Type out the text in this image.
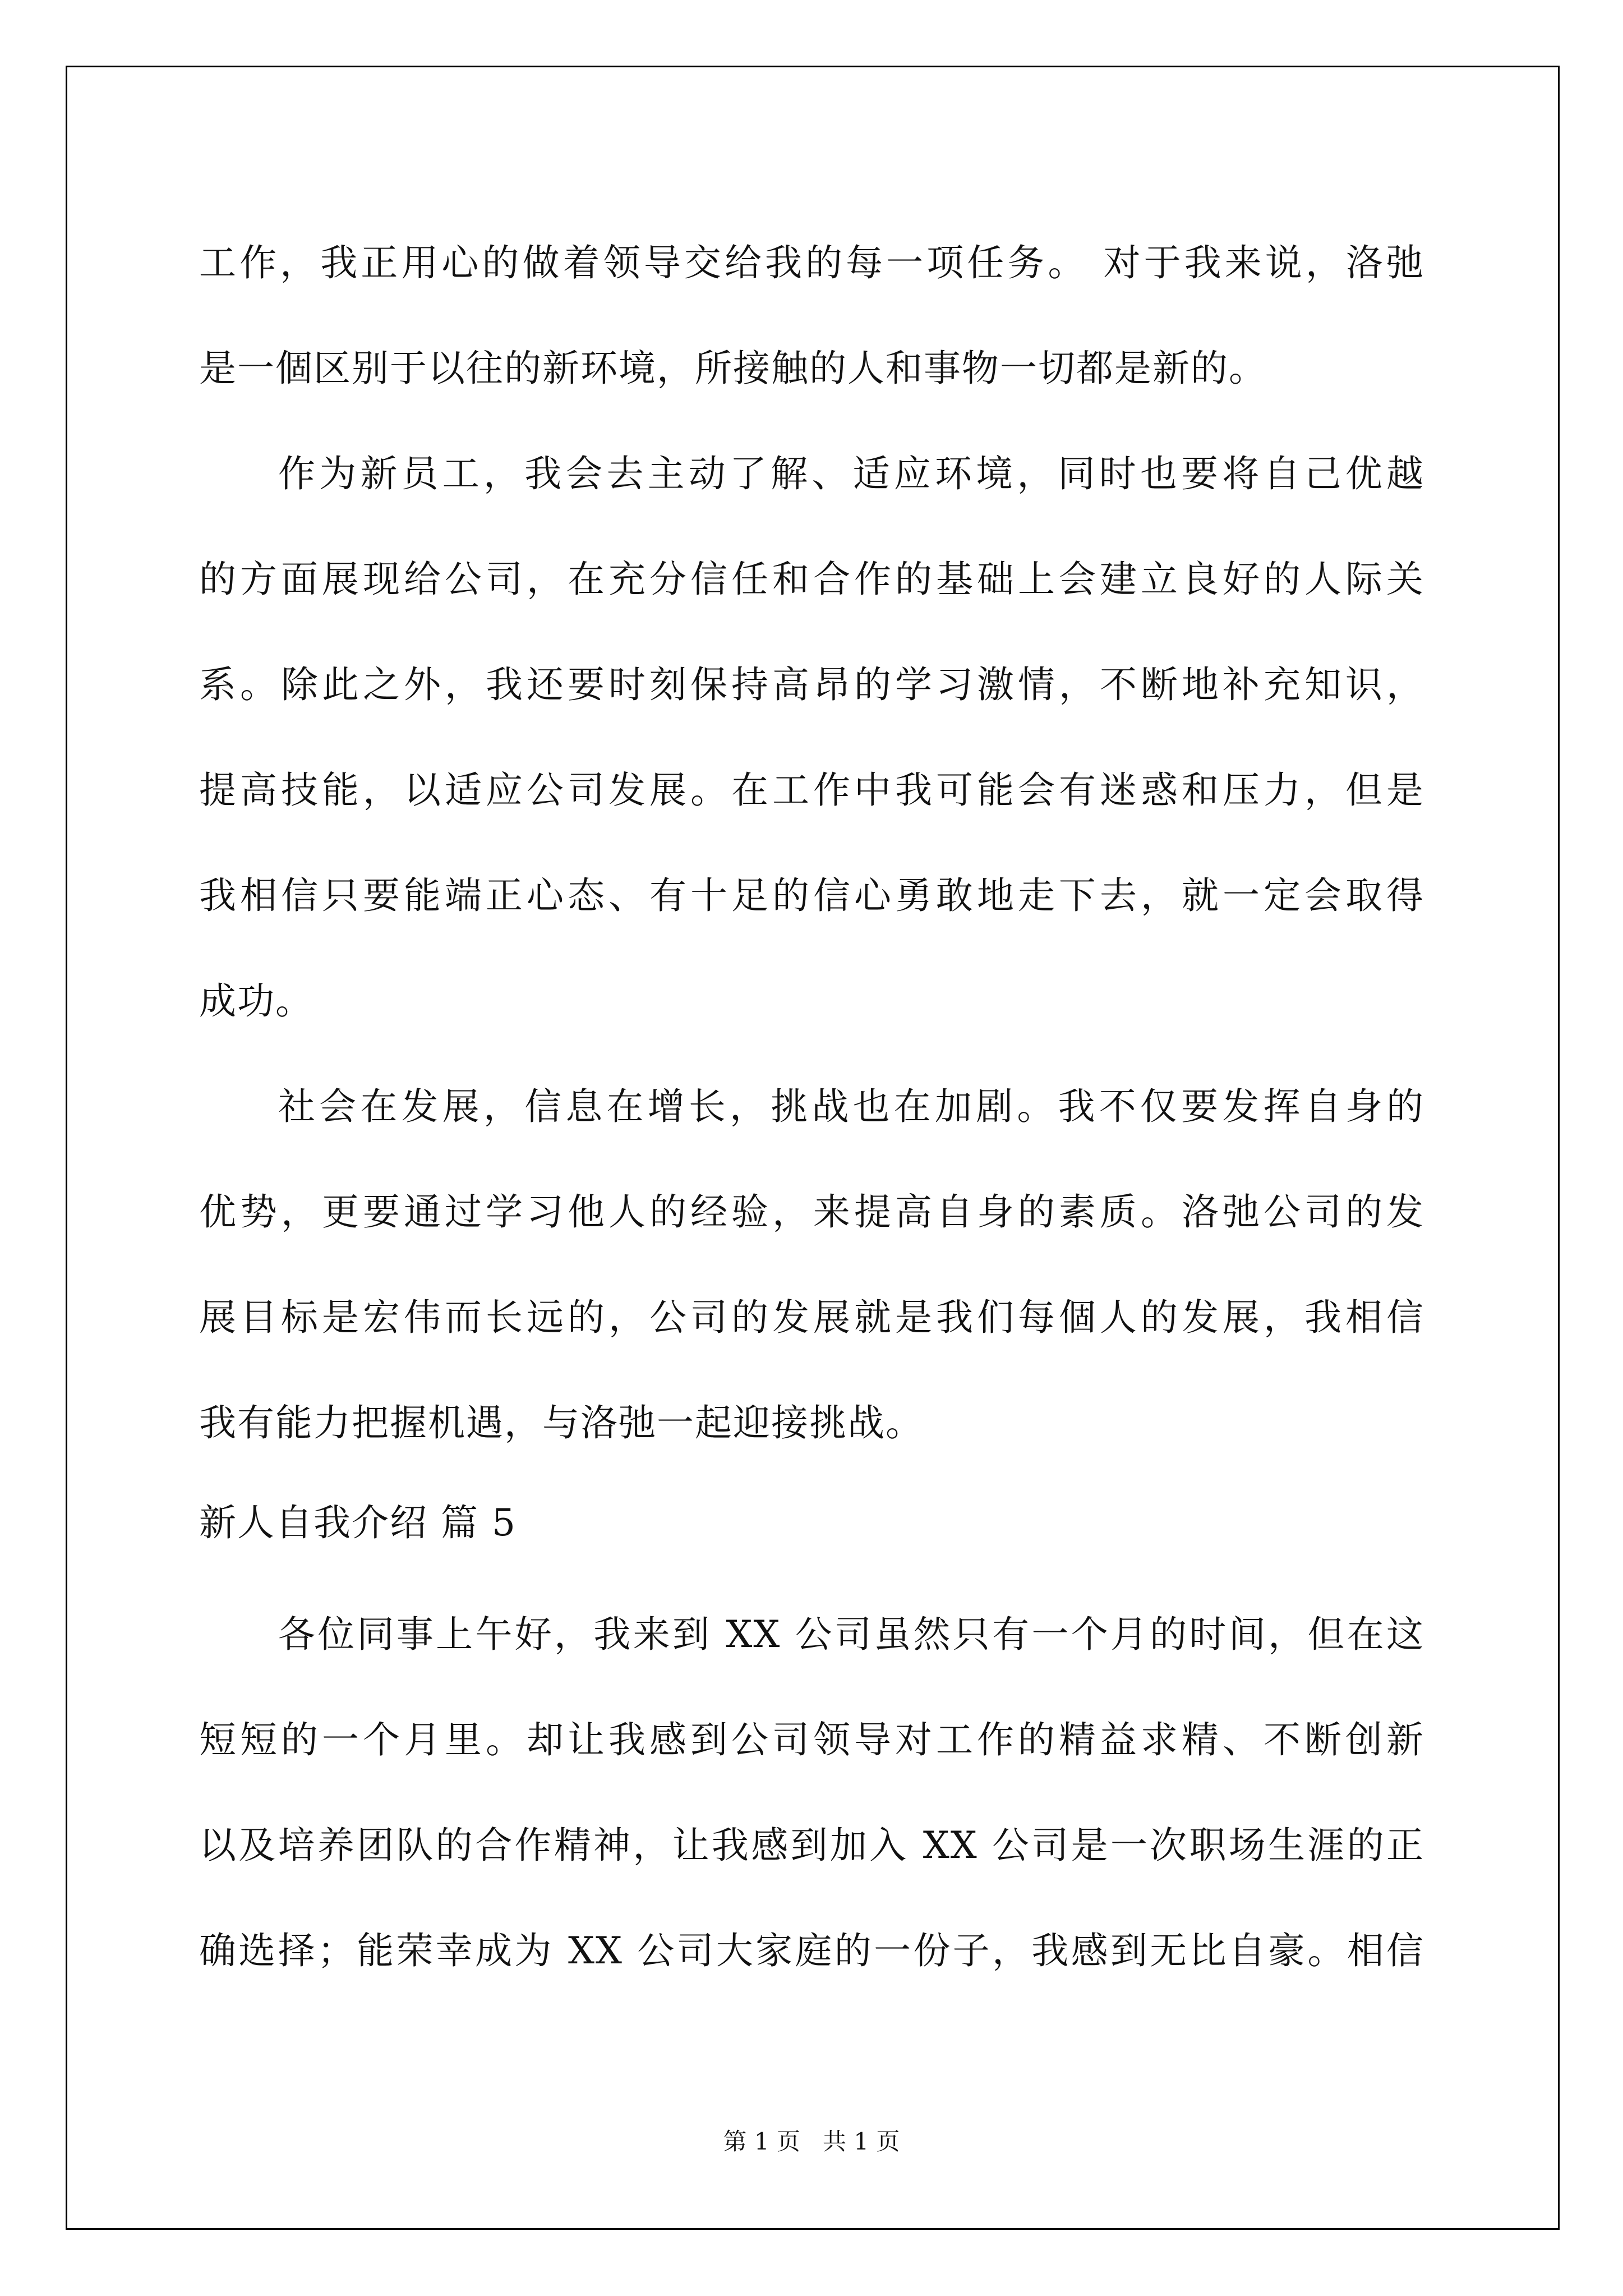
工作，我正用心的做着领导交给我的每一项任务。 对于我来说，洛弛

是一個区别于以往的新环境，所接触的人和事物一切都是新的。

作为新员工，我会去主动了解、适应环境，同时也要将自己优越

的方面展现给公司，在充分信任和合作的基础上会建立良好的人际关

系。除此之外，我还要时刻保持高昂的学习激情，不断地补充知识，

提高技能，以适应公司发展。在工作中我可能会有迷惑和压力，但是

我相信只要能端正心态、有十足的信心勇敢地走下去，就一定会取得

成功。

社会在发展，信息在增长，挑战也在加剧。我不仅要发挥自身的

优势，更要通过学习他人的经验，来提高自身的素质。洛弛公司的发

展目标是宏伟而长远的，公司的发展就是我们每個人的发展，我相信

我有能力把握机遇，与洛弛一起迎接挑战。

新人自我介绍 篇 5

各位同事上午好，我来到 XX 公司虽然只有一个月的时间，但在这

短短的一个月里。却让我感到公司领导对工作的精益求精、不断创新

以及培养团队的合作精神，让我感到加入 XX 公司是一次职场生涯的正

确选择；能荣幸成为 XX 公司大家庭的一份子，我感到无比自豪。相信

第 1 页 共 1 页
